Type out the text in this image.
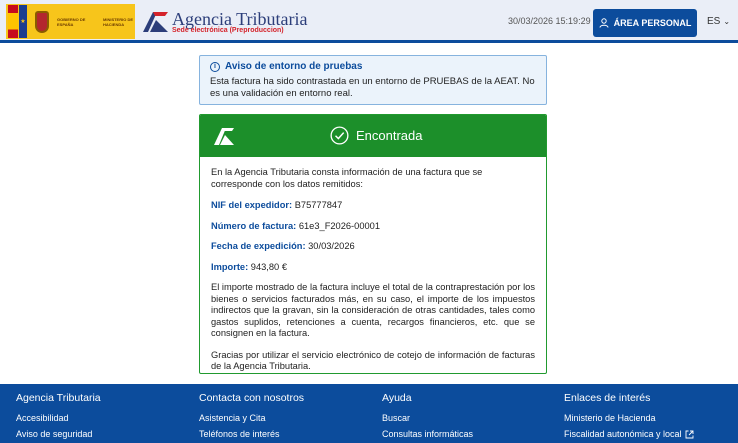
★	GOBIERNO DE ESPAÑA
MINISTERIO DE HACIENDA	Agencia Tributaria
Sede electrónica (Preproduccion)
30/03/2026 15:19:29	ÁREA PERSONAL ES ⌄
i Aviso de entorno de pruebas
Esta factura ha sido contrastada en un entorno de PRUEBAS de la AEAT. No es una validación en entorno real.
Encontrada

En la Agencia Tributaria consta información de una factura que se corresponde con los datos remitidos:

NIF del expedidor: B75777847
Número de factura: 61e3_F2026-00001
Fecha de expedición: 30/03/2026
Importe: 943,80 €

El importe mostrado de la factura incluye el total de la contraprestación por los bienes o servicios facturados más, en su caso, el importe de los impuestos indirectos que la gravan, sin la consideración de otras cantidades, tales como gastos suplidos, retenciones a cuenta, recargos financieros, etc. que se consignen en la factura.

Gracias por utilizar el servicio electrónico de cotejo de información de facturas de la Agencia Tributaria.

Agencia Tributaria
Accesibilidad
Aviso de seguridad
Contacta con nosotros
Asistencia y Cita
Teléfonos de interés
Ayuda
Buscar
Consultas informáticas
Enlaces de interés
Ministerio de Hacienda
Fiscalidad autonómica y local
